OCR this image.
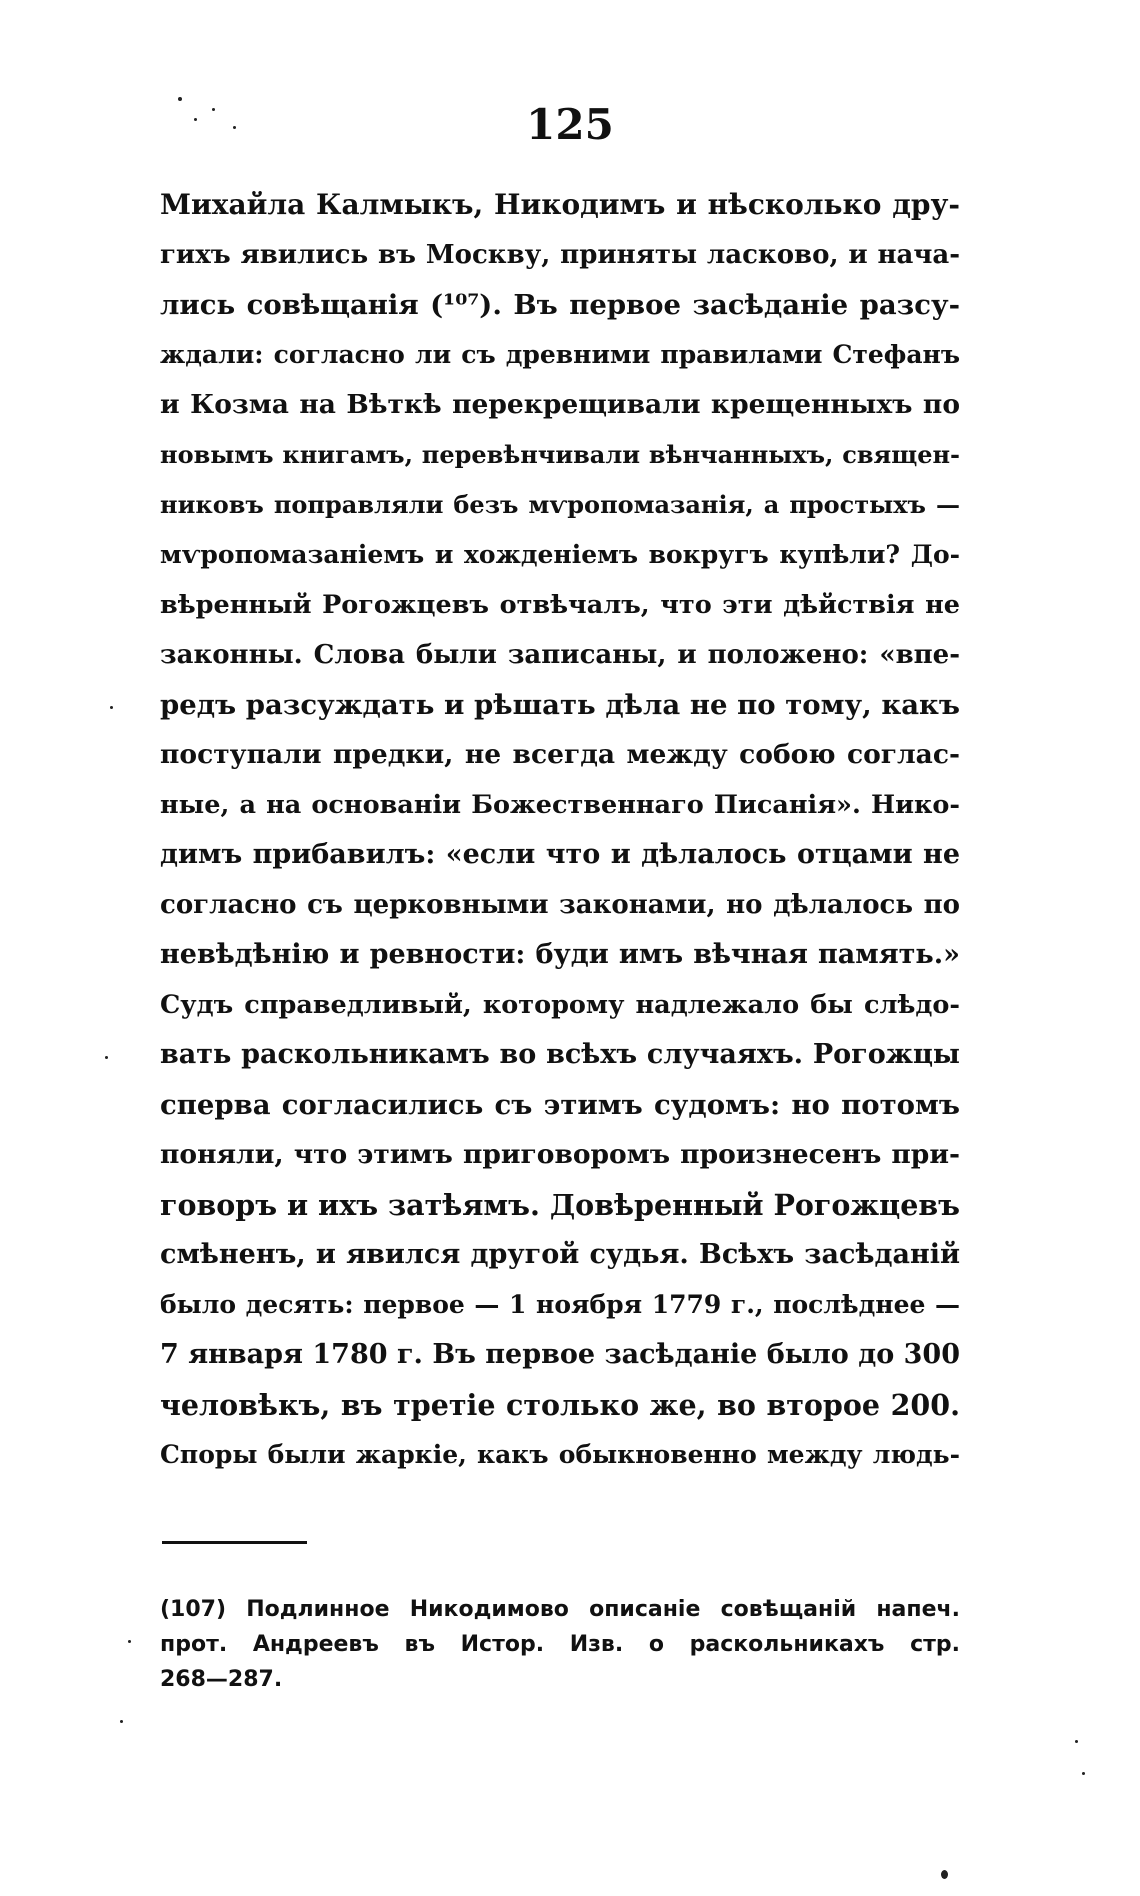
125
Михайла Калмыкъ, Никодимъ и нѣсколько дру-
гихъ явились въ Москву, приняты ласково, и нача-
лись совѣщанія (¹⁰⁷). Въ первое засѣданіе разсу-
ждали: согласно ли съ древними правилами Стефанъ
и Козма на Вѣткѣ перекрещивали крещенныхъ по
новымъ книгамъ, перевѣнчивали вѣнчанныхъ, священ-
никовъ поправляли безъ мѵропомазанія, а простыхъ —
мѵропомазаніемъ и хожденіемъ вокругъ купѣли? До-
вѣренный Рогожцевъ отвѣчалъ, что эти дѣйствія не
законны. Слова были записаны, и положено: «впе-
редъ разсуждать и рѣшать дѣла не по тому, какъ
поступали предки, не всегда между собою соглас-
ные, а на основаніи Божественнаго Писанія». Нико-
димъ прибавилъ: «если что и дѣлалось отцами не
согласно съ церковными законами, но дѣлалось по
невѣдѣнію и ревности: буди имъ вѣчная память.»
Судъ справедливый, которому надлежало бы слѣдо-
вать раскольникамъ во всѣхъ случаяхъ. Рогожцы
сперва согласились съ этимъ судомъ: но потомъ
поняли, что этимъ приговоромъ произнесенъ при-
говоръ и ихъ затѣямъ. Довѣренный Рогожцевъ
смѣненъ, и явился другой судья. Всѣхъ засѣданій
было десять: первое — 1 ноября 1779 г., послѣднее —
7 января 1780 г. Въ первое засѣданіе было до 300
человѣкъ, въ третіе столько же, во второе 200.
Споры были жаркіе, какъ обыкновенно между людь-
(107) Подлинное Никодимово описаніе совѣщаній напеч.
прот. Андреевъ въ Истор. Изв. о раскольникахъ стр.
268—287.
